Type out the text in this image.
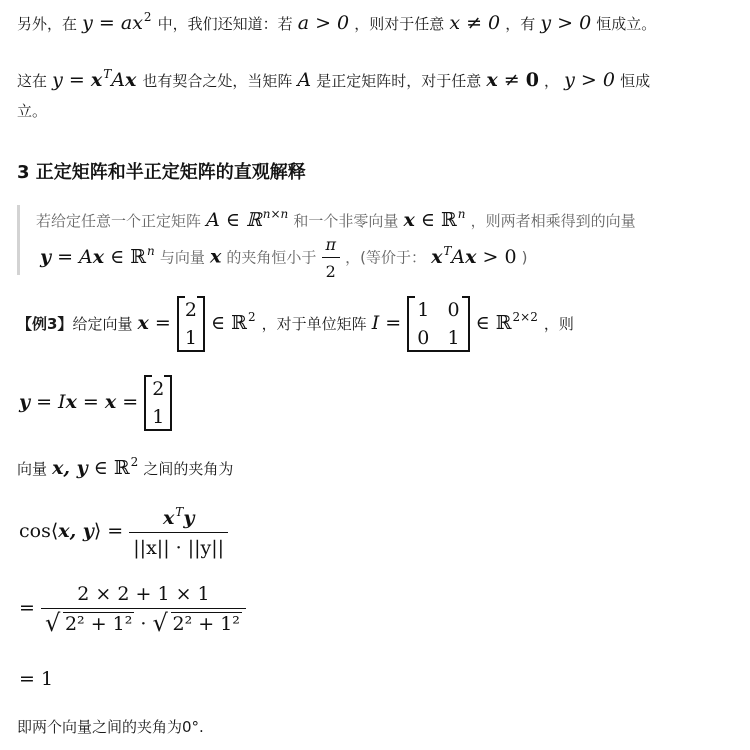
另外，在 $y = ax^2$ 中，我们还知道：若 a > 0 ，则对于任意 x ≠ 0 ，有 y > 0 恒成立。
这在 $y = x^TAx$ 也有契合之处，当矩阵 A 是正定矩阵时，对于任意 x ≠ 0 ， y > 0 恒成
立。
3 正定矩阵和半正定矩阵的直观解释
若给定任意一个正定矩阵 A ∈ ℝ$^{n\times n}$ 和一个非零向量 x ∈ ℝ$^n$ ，则两者相乘得到的向量
y = Ax ∈ ℝ$^n$ 与向量 x 的夹角恒小于 $\frac{\pi}{2}$ ，(等价于： $x^TAx > 0$ )
【例3】给定向量 x =
2
1 ∈ ℝ$^2$ ，对于单位矩阵 I =
1 0
0 1 ∈ ℝ$^{2\times 2}$ ，则
y = Ix = x =
2
1
向量 x, y ∈ ℝ$^2$ 之间的夹角为
cos⟨x, y⟩ = $\frac{x^Ty}{||x|| \cdot ||y||}$
= $\frac{2 \times 2 + 1 \times 1}{\text{√ 2² + 1² · √ 2² + 1²}}$
= 1
即两个向量之间的夹角为0°.
